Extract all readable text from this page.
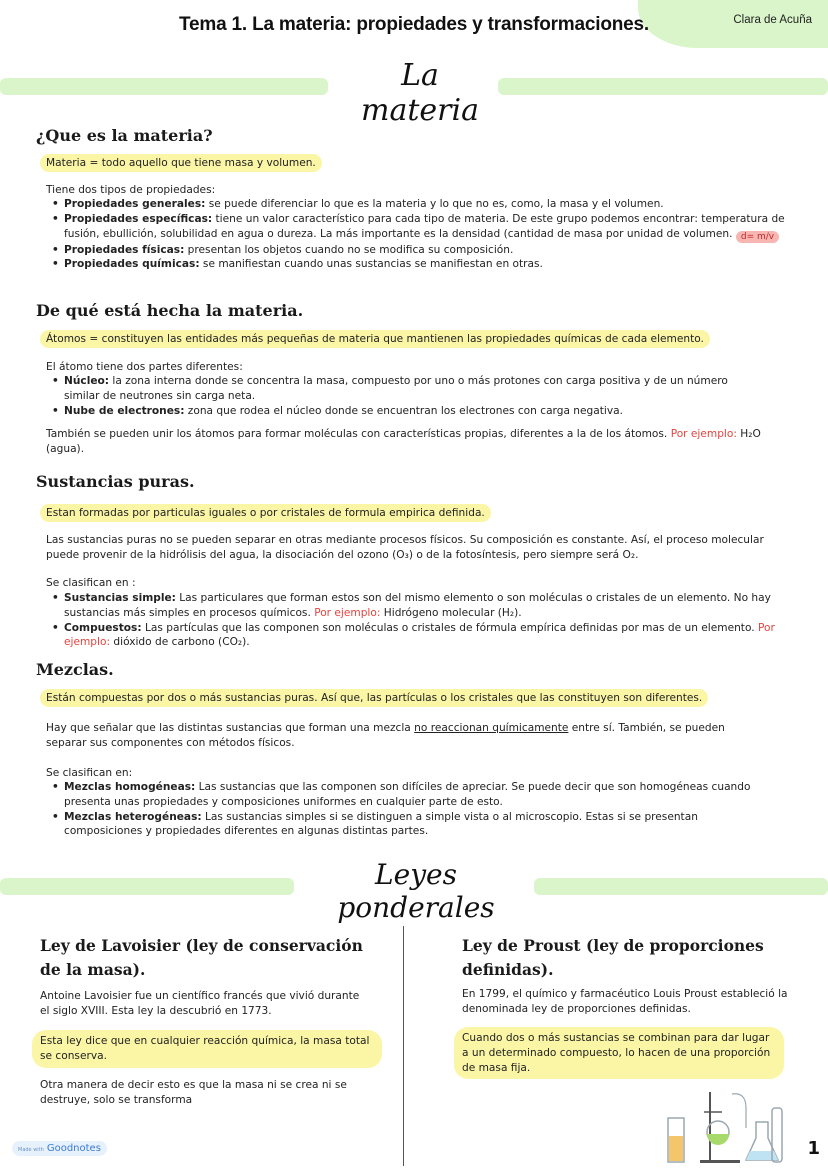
Tema 1. La materia: propiedades y transformaciones.	Clara de Acuña
La materia
¿Que es la materia?
Materia = todo aquello que tiene masa y volumen.
Tiene dos tipos de propiedades:
• Propiedades generales: se puede diferenciar lo que es la materia y lo que no es, como, la masa y el volumen.
• Propiedades específicas: tiene un valor característico para cada tipo de materia. De este grupo podemos encontrar: temperatura de fusión, ebullición, solubilidad en agua o dureza. La más importante es la densidad (cantidad de masa por unidad de volumen. d= m/v
• Propiedades físicas: presentan los objetos cuando no se modifica su composición.
• Propiedades químicas: se manifiestan cuando unas sustancias se manifiestan en otras.
De qué está hecha la materia.
Átomos = constituyen las entidades más pequeñas de materia que mantienen las propiedades químicas de cada elemento.
El átomo tiene dos partes diferentes:
• Núcleo: la zona interna donde se concentra la masa, compuesto por uno o más protones con carga positiva y de un número similar de neutrones sin carga neta.
• Nube de electrones: zona que rodea el núcleo donde se encuentran los electrones con carga negativa.
También se pueden unir los átomos para formar moléculas con características propias, diferentes a la de los átomos. Por ejemplo: H₂O (agua).
Sustancias puras.
Estan formadas por particulas iguales o por cristales de formula empirica definida.
Las sustancias puras no se pueden separar en otras mediante procesos físicos. Su composición es constante. Así, el proceso molecular puede provenir de la hidrólisis del agua, la disociación del ozono (O₃) o de la fotosíntesis, pero siempre será O₂.
Se clasifican en :
• Sustancias simple: Las particulares que forman estos son del mismo elemento o son moléculas o cristales de un elemento. No hay sustancias más simples en procesos químicos. Por ejemplo: Hidrógeno molecular (H₂).
• Compuestos: Las partículas que las componen son moléculas o cristales de fórmula empírica definidas por mas de un elemento. Por ejemplo: dióxido de carbono (CO₂).
Mezclas.
Están compuestas por dos o más sustancias puras. Así que, las partículas o los cristales que las constituyen son diferentes.
Hay que señalar que las distintas sustancias que forman una mezcla no reaccionan químicamente entre sí. También, se pueden separar sus componentes con métodos físicos.
Se clasifican en:
• Mezclas homogéneas: Las sustancias que las componen son difíciles de apreciar. Se puede decir que son homogéneas cuando presenta unas propiedades y composiciones uniformes en cualquier parte de esto.
• Mezclas heterogéneas: Las sustancias simples si se distinguen a simple vista o al microscopio. Estas si se presentan composiciones y propiedades diferentes en algunas distintas partes.
Leyes ponderales
Ley de Lavoisier (ley de conservación de la masa).
Antoine Lavoisier fue un científico francés que vivió durante el siglo XVIII. Esta ley la descubrió en 1773.
Esta ley dice que en cualquier reacción química, la masa total se conserva.
Otra manera de decir esto es que la masa ni se crea ni se destruye, solo se transforma
Ley de Proust (ley de proporciones definidas).
En 1799, el químico y farmacéutico Louis Proust estableció la denominada ley de proporciones definidas.
Cuando dos o más sustancias se combinan para dar lugar a un determinado compuesto, lo hacen de una proporción de masa fija.
Made with Goodnotes	1
